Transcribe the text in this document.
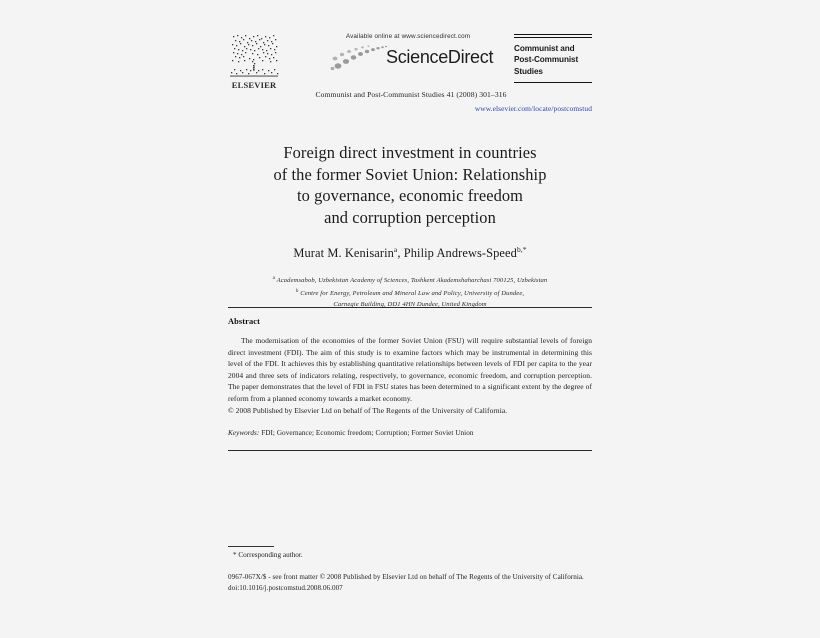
ELSEVIER
Available online at www.sciencedirect.com
ScienceDirect	Communist and Post-Communist Studies
Communist and Post-Communist Studies 41 (2008) 301–316
www.elsevier.com/locate/postcomstud
Foreign direct investment in countries
of the former Soviet Union: Relationship
to governance, economic freedom
and corruption perception
Murat M. Kenisarin$^a$, Philip Andrews-Speed$^{b,*}$
$^a$ Academsabob, Uzbekistan Academy of Sciences, Tashkent Akademshaharchasi 700125, Uzbekistan
$^b$ Centre for Energy, Petroleum and Mineral Law and Policy, University of Dundee,
Carnegie Building, DD1 4HN Dundee, United Kingdom
Abstract
The modernisation of the economies of the former Soviet Union (FSU) will require substantial levels of foreign direct investment (FDI). The aim of this study is to examine factors which may be instrumental in determining this level of the FDI. It achieves this by establishing quantitative relationships between levels of FDI per capita to the year 2004 and three sets of indicators relating, respectively, to governance, economic freedom, and corruption perception. The paper demonstrates that the level of FDI in FSU states has been determined to a significant extent by the degree of reform from a planned economy towards a market economy.
© 2008 Published by Elsevier Ltd on behalf of The Regents of the University of California.
Keywords: FDI; Governance; Economic freedom; Corruption; Former Soviet Union
* Corresponding author.
0967-067X/$ - see front matter © 2008 Published by Elsevier Ltd on behalf of The Regents of the University of California.
doi:10.1016/j.postcomstud.2008.06.007
